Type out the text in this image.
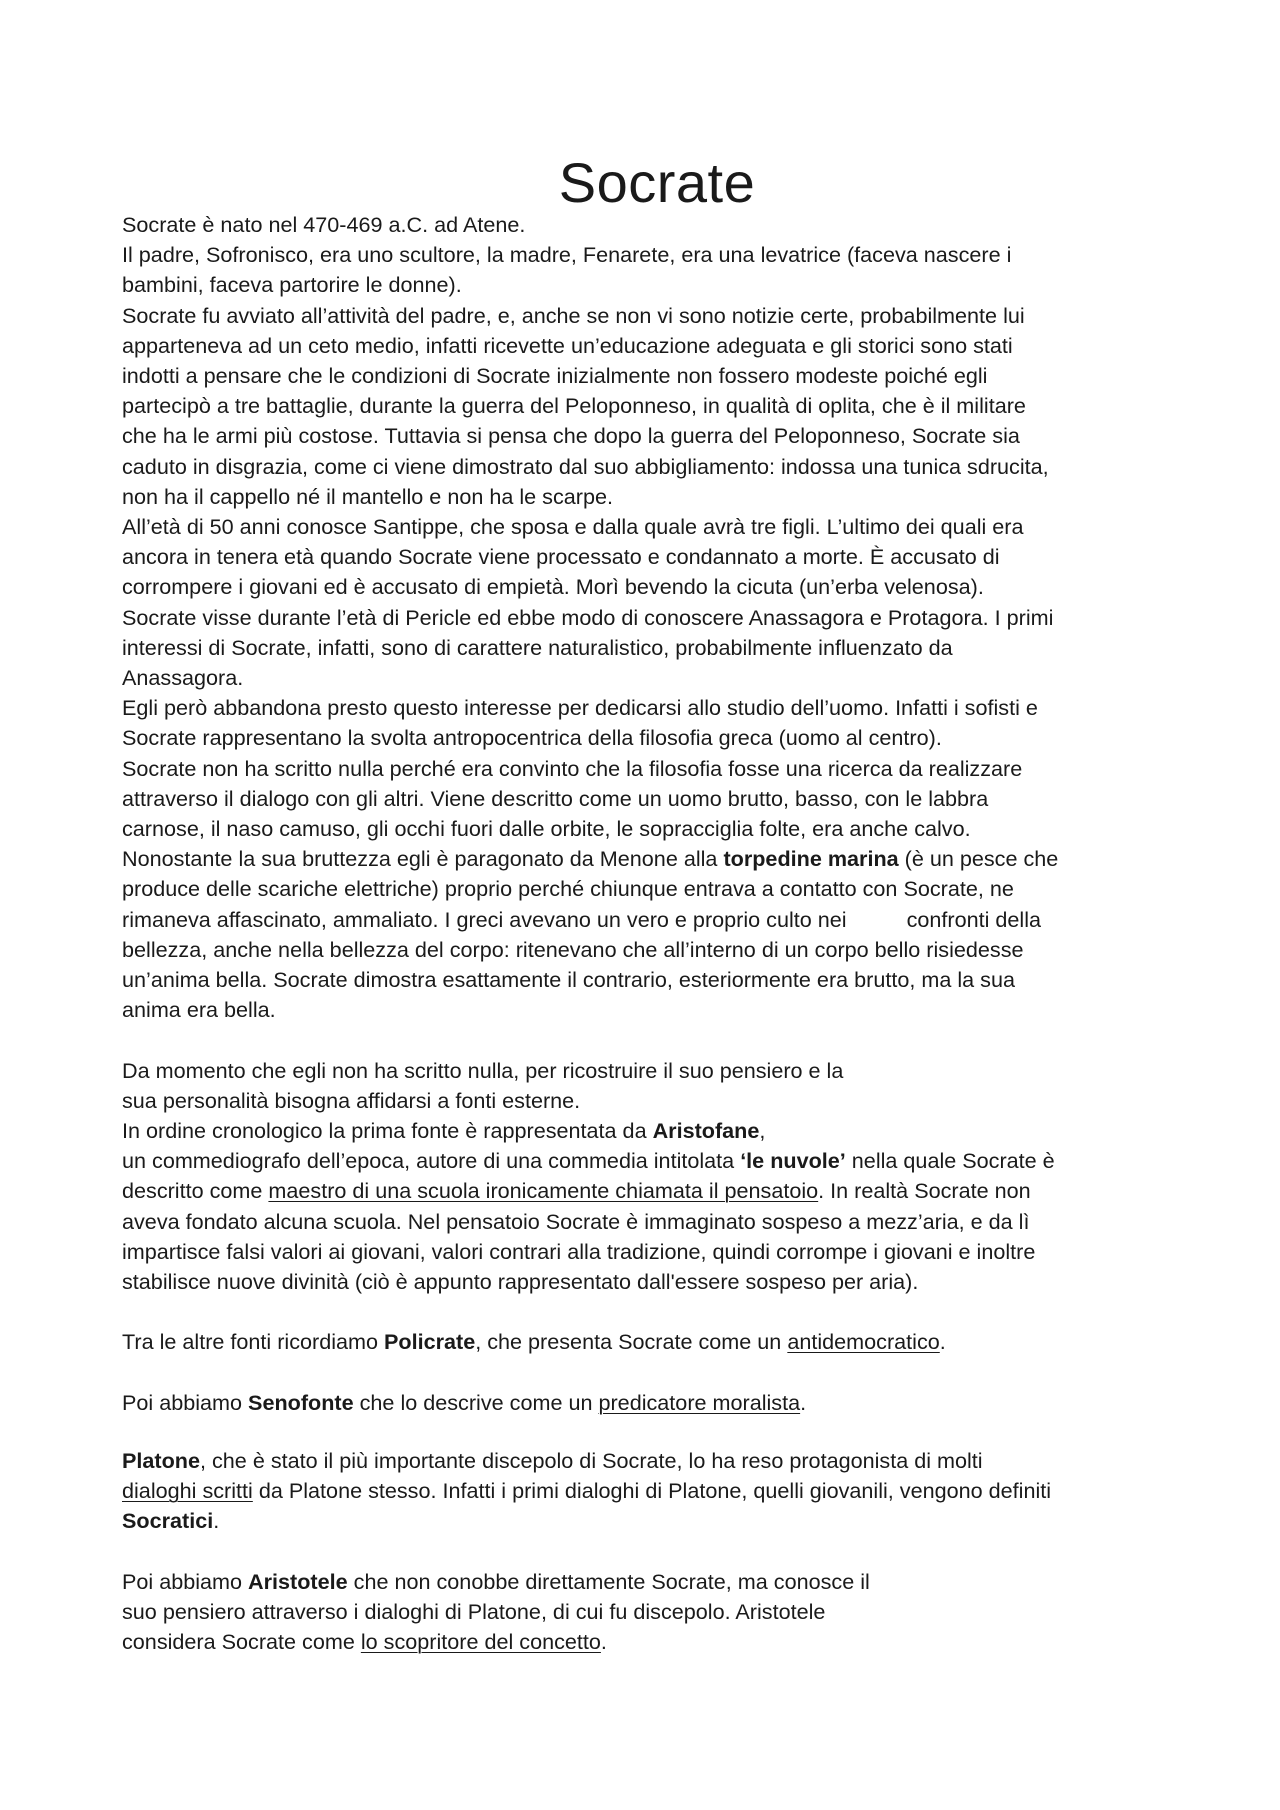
Socrate
Socrate è nato nel 470-469 a.C. ad Atene.
Il padre, Sofronisco, era uno scultore, la madre, Fenarete, era una levatrice (faceva nascere i
bambini, faceva partorire le donne).
Socrate fu avviato all’attività del padre, e, anche se non vi sono notizie certe, probabilmente lui
apparteneva ad un ceto medio, infatti ricevette un’educazione adeguata e gli storici sono stati
indotti a pensare che le condizioni di Socrate inizialmente non fossero modeste poiché egli
partecipò a tre battaglie, durante la guerra del Peloponneso, in qualità di oplita, che è il militare
che ha le armi più costose. Tuttavia si pensa che dopo la guerra del Peloponneso, Socrate sia
caduto in disgrazia, come ci viene dimostrato dal suo abbigliamento: indossa una tunica sdrucita,
non ha il cappello né il mantello e non ha le scarpe.
All’età di 50 anni conosce Santippe, che sposa e dalla quale avrà tre figli. L’ultimo dei quali era
ancora in tenera età quando Socrate viene processato e condannato a morte. È accusato di
corrompere i giovani ed è accusato di empietà. Morì bevendo la cicuta (un’erba velenosa).
Socrate visse durante l’età di Pericle ed ebbe modo di conoscere Anassagora e Protagora. I primi
interessi di Socrate, infatti, sono di carattere naturalistico, probabilmente influenzato da
Anassagora.
Egli però abbandona presto questo interesse per dedicarsi allo studio dell’uomo. Infatti i sofisti e
Socrate rappresentano la svolta antropocentrica della filosofia greca (uomo al centro).
Socrate non ha scritto nulla perché era convinto che la filosofia fosse una ricerca da realizzare
attraverso il dialogo con gli altri. Viene descritto come un uomo brutto, basso, con le labbra
carnose, il naso camuso, gli occhi fuori dalle orbite, le sopracciglia folte, era anche calvo.
Nonostante la sua bruttezza egli è paragonato da Menone alla torpedine marina (è un pesce che
produce delle scariche elettriche) proprio perché chiunque entrava a contatto con Socrate, ne
rimaneva affascinato, ammaliato. I greci avevano un vero e proprio culto nei          confronti della
bellezza, anche nella bellezza del corpo: ritenevano che all’interno di un corpo bello risiedesse
un’anima bella. Socrate dimostra esattamente il contrario, esteriormente era brutto, ma la sua
anima era bella.
Da momento che egli non ha scritto nulla, per ricostruire il suo pensiero e la
sua personalità bisogna affidarsi a fonti esterne.
In ordine cronologico la prima fonte è rappresentata da Aristofane,
un commediografo dell’epoca, autore di una commedia intitolata ‘le nuvole’ nella quale Socrate è
descritto come maestro di una scuola ironicamente chiamata il pensatoio. In realtà Socrate non
aveva fondato alcuna scuola. Nel pensatoio Socrate è immaginato sospeso a mezz’aria, e da lì
impartisce falsi valori ai giovani, valori contrari alla tradizione, quindi corrompe i giovani e inoltre
stabilisce nuove divinità (ciò è appunto rappresentato dall'essere sospeso per aria).
Tra le altre fonti ricordiamo Policrate, che presenta Socrate come un antidemocratico.
Poi abbiamo Senofonte che lo descrive come un predicatore moralista.
Platone, che è stato il più importante discepolo di Socrate, lo ha reso protagonista di molti
dialoghi scritti da Platone stesso. Infatti i primi dialoghi di Platone, quelli giovanili, vengono definiti
Socratici.
Poi abbiamo Aristotele che non conobbe direttamente Socrate, ma conosce il
suo pensiero attraverso i dialoghi di Platone, di cui fu discepolo. Aristotele
considera Socrate come lo scopritore del concetto.
